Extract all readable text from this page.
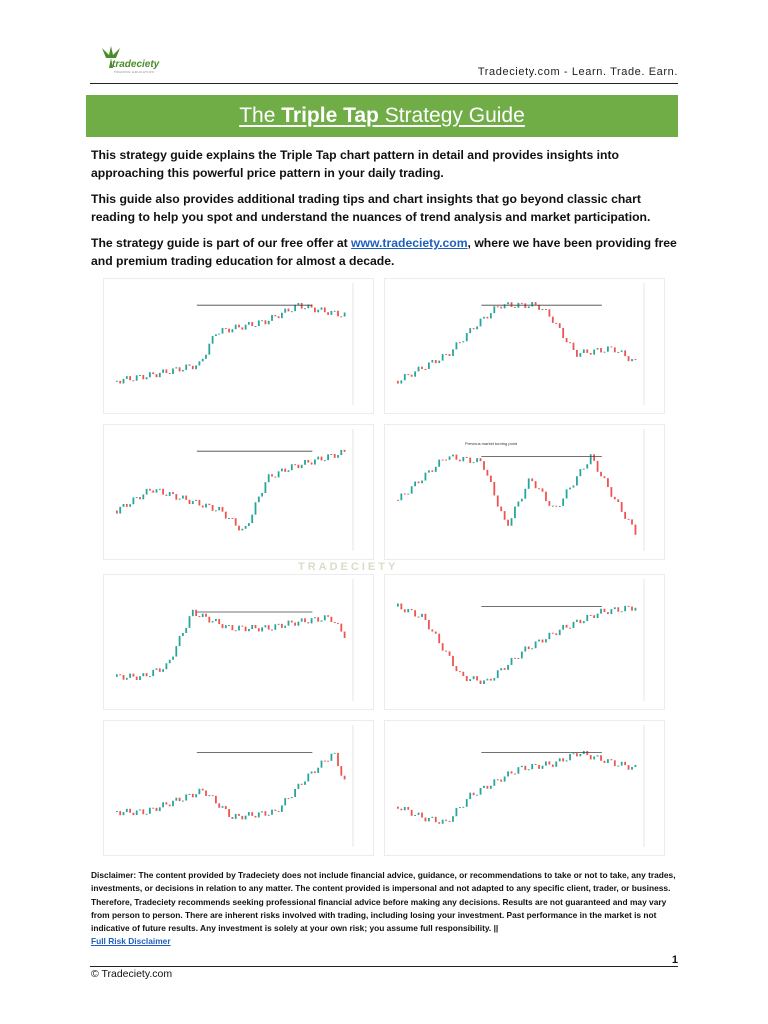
tradeciety
TRADING EDUCATION	Tradeciety.com - Learn. Trade. Earn.
The Triple Tap Strategy Guide

This strategy guide explains the Triple Tap chart pattern in detail and provides insights into approaching this powerful price pattern in your daily trading.

This guide also provides additional trading tips and chart insights that go beyond classic chart reading to help you spot and understand the nuances of trend analysis and market participation.

The strategy guide is part of our free offer at www.tradeciety.com, where we have been providing free and premium trading education for almost a decade.

Previous market turning point
TRADECIETY

Disclaimer: The content provided by Tradeciety does not include financial advice, guidance, or recommendations to take or not to take, any trades, investments, or decisions in relation to any matter. The content provided is impersonal and not adapted to any specific client, trader, or business. Therefore, Tradeciety recommends seeking professional financial advice before making any decisions. Results are not guaranteed and may vary from person to person. There are inherent risks involved with trading, including losing your investment. Past performance in the market is not indicative of future results. Any investment is solely at your own risk; you assume full responsibility. ||
Full Risk Disclaimer

1
© Tradeciety.com
